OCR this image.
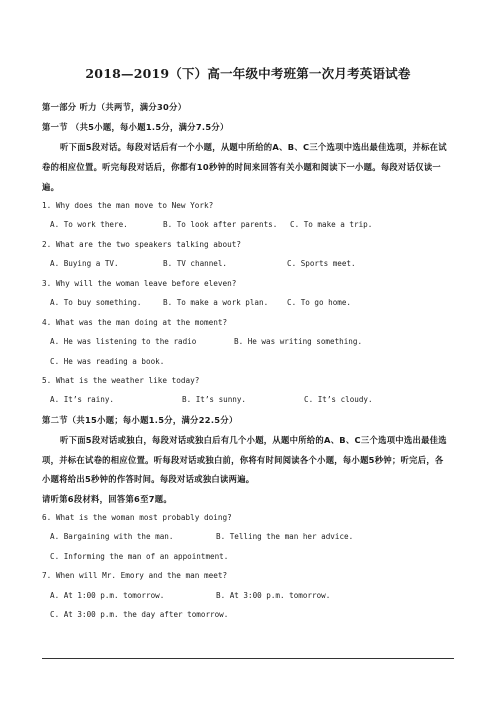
2018—2019（下）高一年级中考班第一次月考英语试卷
第一部分 听力（共两节，满分30分）
第一节 （共5小题，每小题1.5分，满分7.5分）
听下面5段对话。每段对话后有一个小题，从题中所给的A、B、C三个选项中选出最佳选项，并标在试
卷的相应位置。听完每段对话后，你都有10秒钟的时间来回答有关小题和阅读下一小题。每段对话仅读一
遍。
1. Why does the man move to New York?
A. To work there.	B. To look after parents. C. To make a trip.
2. What are the two speakers talking about?
A. Buying a TV.	B. TV channel.	C. Sports meet.
3. Why will the woman leave before eleven?
A. To buy something.	B. To make a work plan. C. To go home.
4. What was the man doing at the moment?
A. He was listening to the radio	B. He was writing something.
C. He was reading a book.
5. What is the weather like today?
A. It’s rainy.	B. It’s sunny.	C. It’s cloudy.
第二节（共15小题；每小题1.5分，满分22.5分）
听下面5段对话或独白，每段对话或独白后有几个小题，从题中所给的A、B、C三个选项中选出最佳选
项，并标在试卷的相应位置。听每段对话或独白前，你将有时间阅读各个小题，每小题5秒钟；听完后，各
小题将给出5秒钟的作答时间。每段对话或独白读两遍。
请听第6段材料，回答第6至7题。
6. What is the woman most probably doing?
A. Bargaining with the man.	B. Telling the man her advice.
C. Informing the man of an appointment.
7. When will Mr. Emory and the man meet?
A. At 1:00 p.m. tomorrow.	B. At 3:00 p.m. tomorrow.
C. At 3:00 p.m. the day after tomorrow.
